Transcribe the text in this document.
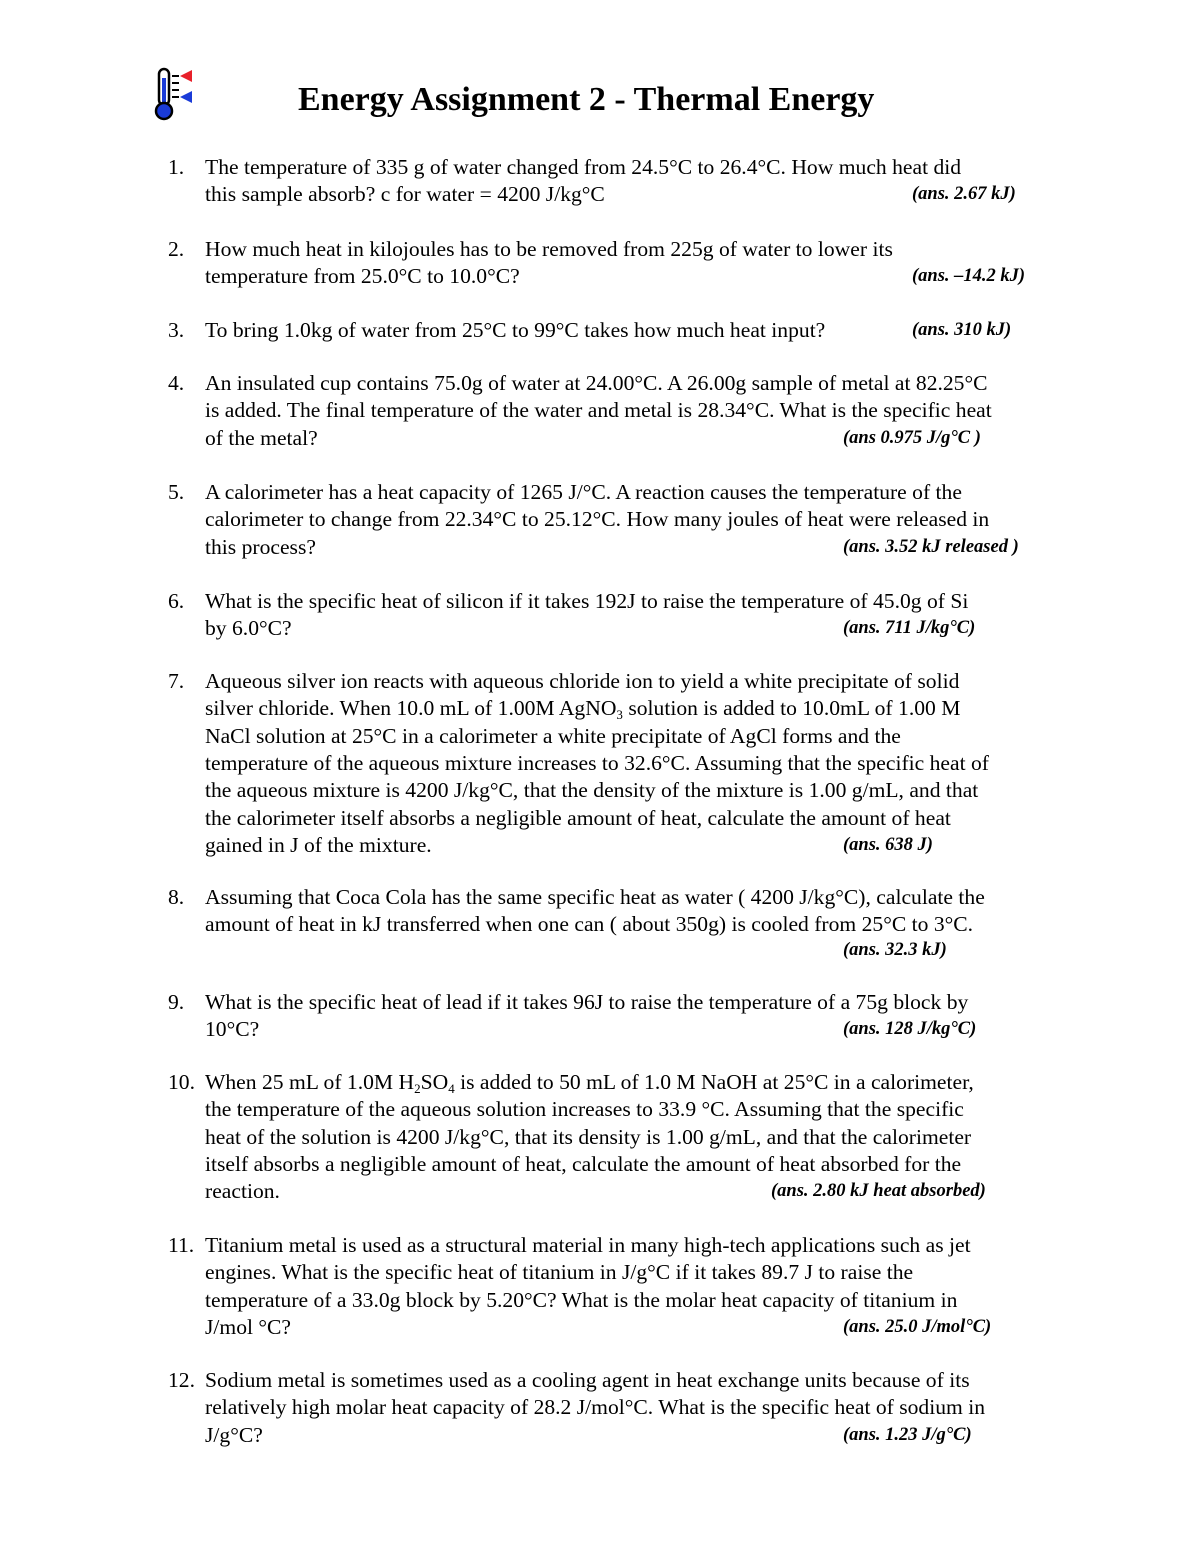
Energy Assignment 2 - Thermal Energy
1. The temperature of 335 g of water changed from 24.5°C to 26.4°C. How much heat did
this sample absorb? c for water = 4200 J/kg°C	(ans. 2.67 kJ)
2. How much heat in kilojoules has to be removed from 225g of water to lower its
temperature from 25.0°C to 10.0°C?	(ans. –14.2 kJ)
3. To bring 1.0kg of water from 25°C to 99°C takes how much heat input?	(ans. 310 kJ)
4. An insulated cup contains 75.0g of water at 24.00°C. A 26.00g sample of metal at 82.25°C
is added. The final temperature of the water and metal is 28.34°C. What is the specific heat
of the metal?	(ans 0.975 J/g°C )
5. A calorimeter has a heat capacity of 1265 J/°C. A reaction causes the temperature of the
calorimeter to change from 22.34°C to 25.12°C. How many joules of heat were released in
this process?	(ans. 3.52 kJ released )
6. What is the specific heat of silicon if it takes 192J to raise the temperature of 45.0g of Si
by 6.0°C?	(ans. 711 J/kg°C)
7. Aqueous silver ion reacts with aqueous chloride ion to yield a white precipitate of solid
silver chloride. When 10.0 mL of 1.00M AgNO$_3$ solution is added to 10.0mL of 1.00 M
NaCl solution at 25°C in a calorimeter a white precipitate of AgCl forms and the
temperature of the aqueous mixture increases to 32.6°C. Assuming that the specific heat of
the aqueous mixture is 4200 J/kg°C, that the density of the mixture is 1.00 g/mL, and that
the calorimeter itself absorbs a negligible amount of heat, calculate the amount of heat
gained in J of the mixture.	(ans. 638 J)
8. Assuming that Coca Cola has the same specific heat as water ( 4200 J/kg°C), calculate the
amount of heat in kJ transferred when one can ( about 350g) is cooled from 25°C to 3°C.
(ans. 32.3 kJ)
9. What is the specific heat of lead if it takes 96J to raise the temperature of a 75g block by
10°C?	(ans. 128 J/kg°C)
10. When 25 mL of 1.0M $H_2SO_4$ is added to 50 mL of 1.0 M NaOH at 25°C in a calorimeter,
the temperature of the aqueous solution increases to 33.9 °C. Assuming that the specific
heat of the solution is 4200 J/kg°C, that its density is 1.00 g/mL, and that the calorimeter
itself absorbs a negligible amount of heat, calculate the amount of heat absorbed for the
reaction.	(ans. 2.80 kJ heat absorbed)
11. Titanium metal is used as a structural material in many high-tech applications such as jet
engines. What is the specific heat of titanium in J/g°C if it takes 89.7 J to raise the
temperature of a 33.0g block by 5.20°C? What is the molar heat capacity of titanium in
J/mol °C?	(ans. 25.0 J/mol°C)
12. Sodium metal is sometimes used as a cooling agent in heat exchange units because of its
relatively high molar heat capacity of 28.2 J/mol°C. What is the specific heat of sodium in
J/g°C?	(ans. 1.23 J/g°C)
